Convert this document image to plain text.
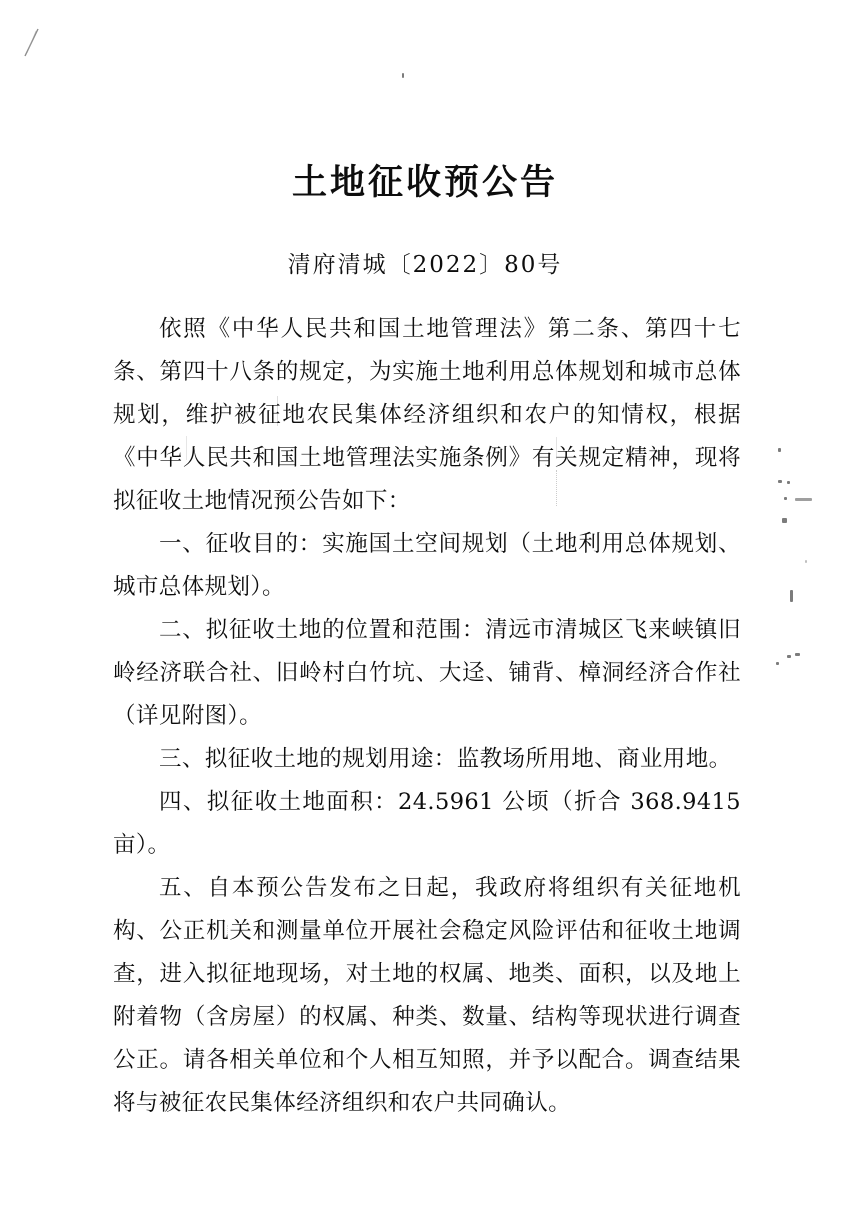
土地征收预公告
清府清城〔2022〕80号

依照《中华人民共和国土地管理法》第二条、第四十七条、第四十八条的规定，为实施土地利用总体规划和城市总体规划，维护被征地农民集体经济组织和农户的知情权，根据《中华人民共和国土地管理法实施条例》有关规定精神，现将拟征收土地情况预公告如下：

一、征收目的：实施国土空间规划（土地利用总体规划、城市总体规划）。

二、拟征收土地的位置和范围：清远市清城区飞来峡镇旧岭经济联合社、旧岭村白竹坑、大迳、铺背、樟洞经济合作社（详见附图）。

三、拟征收土地的规划用途：监教场所用地、商业用地。

四、拟征收土地面积：24.5961 公顷（折合 368.9415 亩）。

五、自本预公告发布之日起，我政府将组织有关征地机构、公正机关和测量单位开展社会稳定风险评估和征收土地调查，进入拟征地现场，对土地的权属、地类、面积，以及地上附着物（含房屋）的权属、种类、数量、结构等现状进行调查公正。请各相关单位和个人相互知照，并予以配合。调查结果将与被征农民集体经济组织和农户共同确认。
